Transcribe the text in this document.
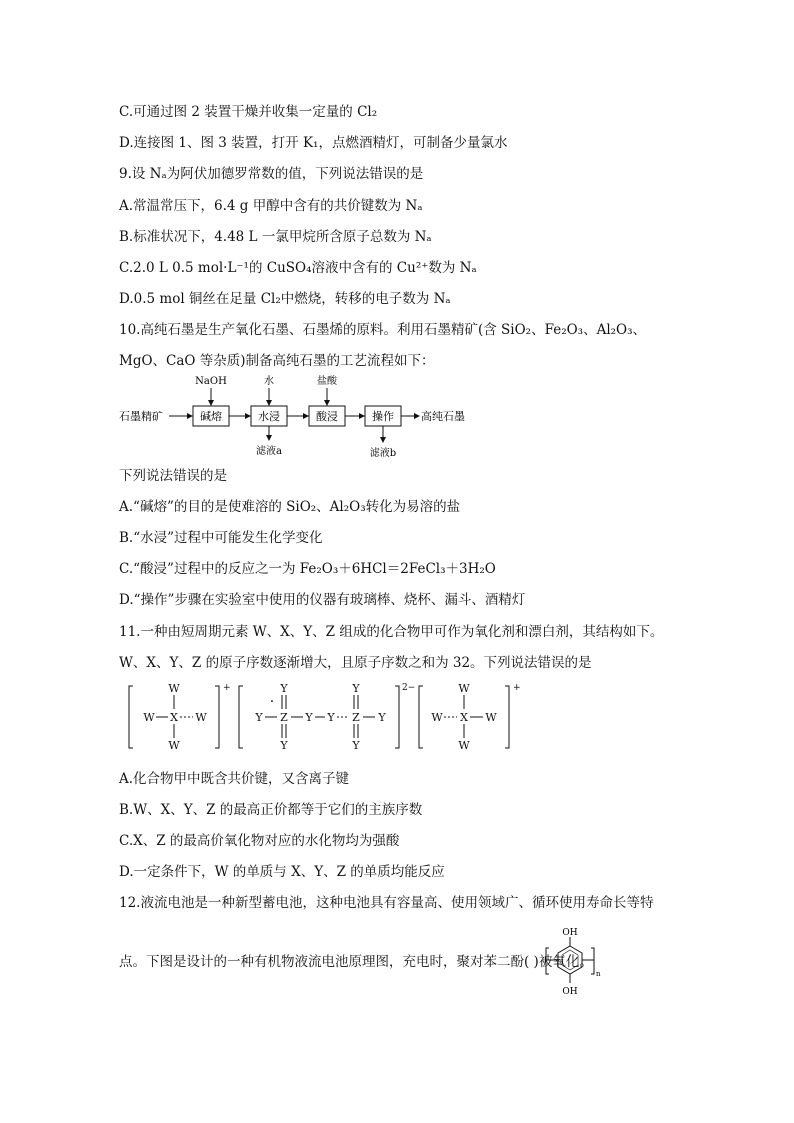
C.可通过图 2 装置干燥并收集一定量的 Cl₂
D.连接图 1、图 3 装置，打开 K₁，点燃酒精灯，可制备少量氯水
9.设 Nₐ为阿伏加德罗常数的值，下列说法错误的是
A.常温常压下，6.4 g 甲醇中含有的共价键数为 Nₐ
B.标准状况下，4.48 L 一氯甲烷所含原子总数为 Nₐ
C.2.0 L 0.5 mol·L⁻¹的 CuSO₄溶液中含有的 Cu²⁺数为 Nₐ
D.0.5 mol 铜丝在足量 Cl₂中燃烧，转移的电子数为 Nₐ
10.高纯石墨是生产氧化石墨、石墨烯的原料。利用石墨精矿(含 SiO₂、Fe₂O₃、Al₂O₃、
MgO、CaO 等杂质)制备高纯石墨的工艺流程如下：
石墨精矿	碱熔
NaOH
水浸
水
滤液a
酸浸
盐酸
操作
滤液b
高纯石墨
下列说法错误的是
A.“碱熔”的目的是使难溶的 SiO₂、Al₂O₃转化为易溶的盐
B.“水浸”过程中可能发生化学变化
C.“酸浸”过程中的反应之一为 Fe₂O₃＋6HCl＝2FeCl₃＋3H₂O
D.“操作”步骤在实验室中使用的仪器有玻璃棒、烧杯、漏斗、酒精灯
11.一种由短周期元素 W、X、Y、Z 组成的化合物甲可作为氧化剂和漂白剂，其结构如下。
W、X、Y、Z 的原子序数逐渐增大，且原子序数之和为 32。下列说法错误的是
+
W
W X W
W
2−
Y Z
·
Y
Y
Y Y Z
Y
Y
Y
+
W
W X W
W
A.化合物甲中既含共价键，又含离子键
B.W、X、Y、Z 的最高正价都等于它们的主族序数
C.X、Z 的最高价氧化物对应的水化物均为强酸
D.一定条件下，W 的单质与 X、Y、Z 的单质均能反应
12.液流电池是一种新型蓄电池，这种电池具有容量高、使用领域广、循环使用寿命长等特
点。下图是设计的一种有机物液流电池原理图，充电时，聚对苯二酚( )被氧化。
OH
OH
n
